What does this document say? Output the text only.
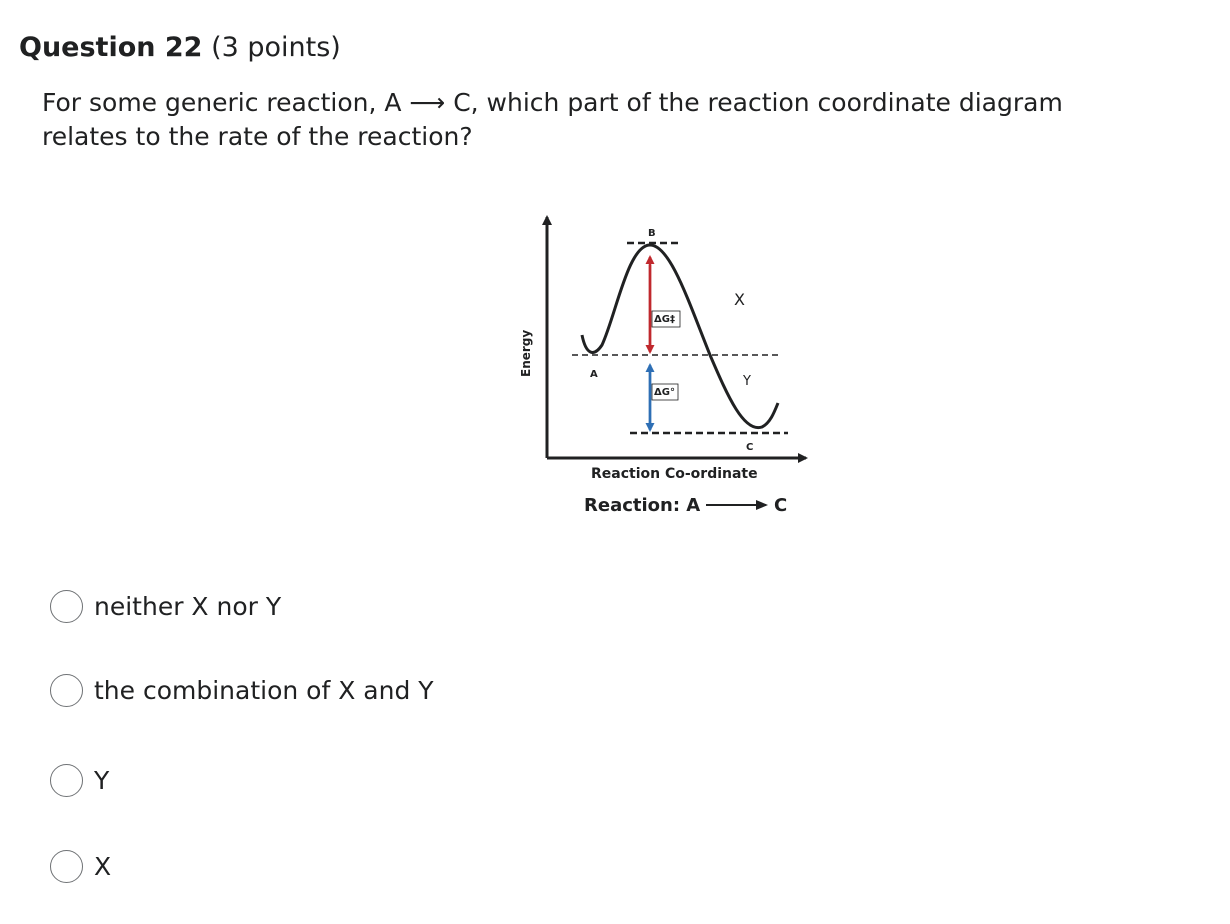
Question 22 (3 points)
For some generic reaction, A ⟶ C, which part of the reaction coordinate diagram relates to the rate of the reaction?
B
A
C
X
Y
ΔG‡
ΔG°
Energy
Reaction Co-ordinate
Reaction: A	C
neither X nor Y
the combination of X and Y
Y
X
